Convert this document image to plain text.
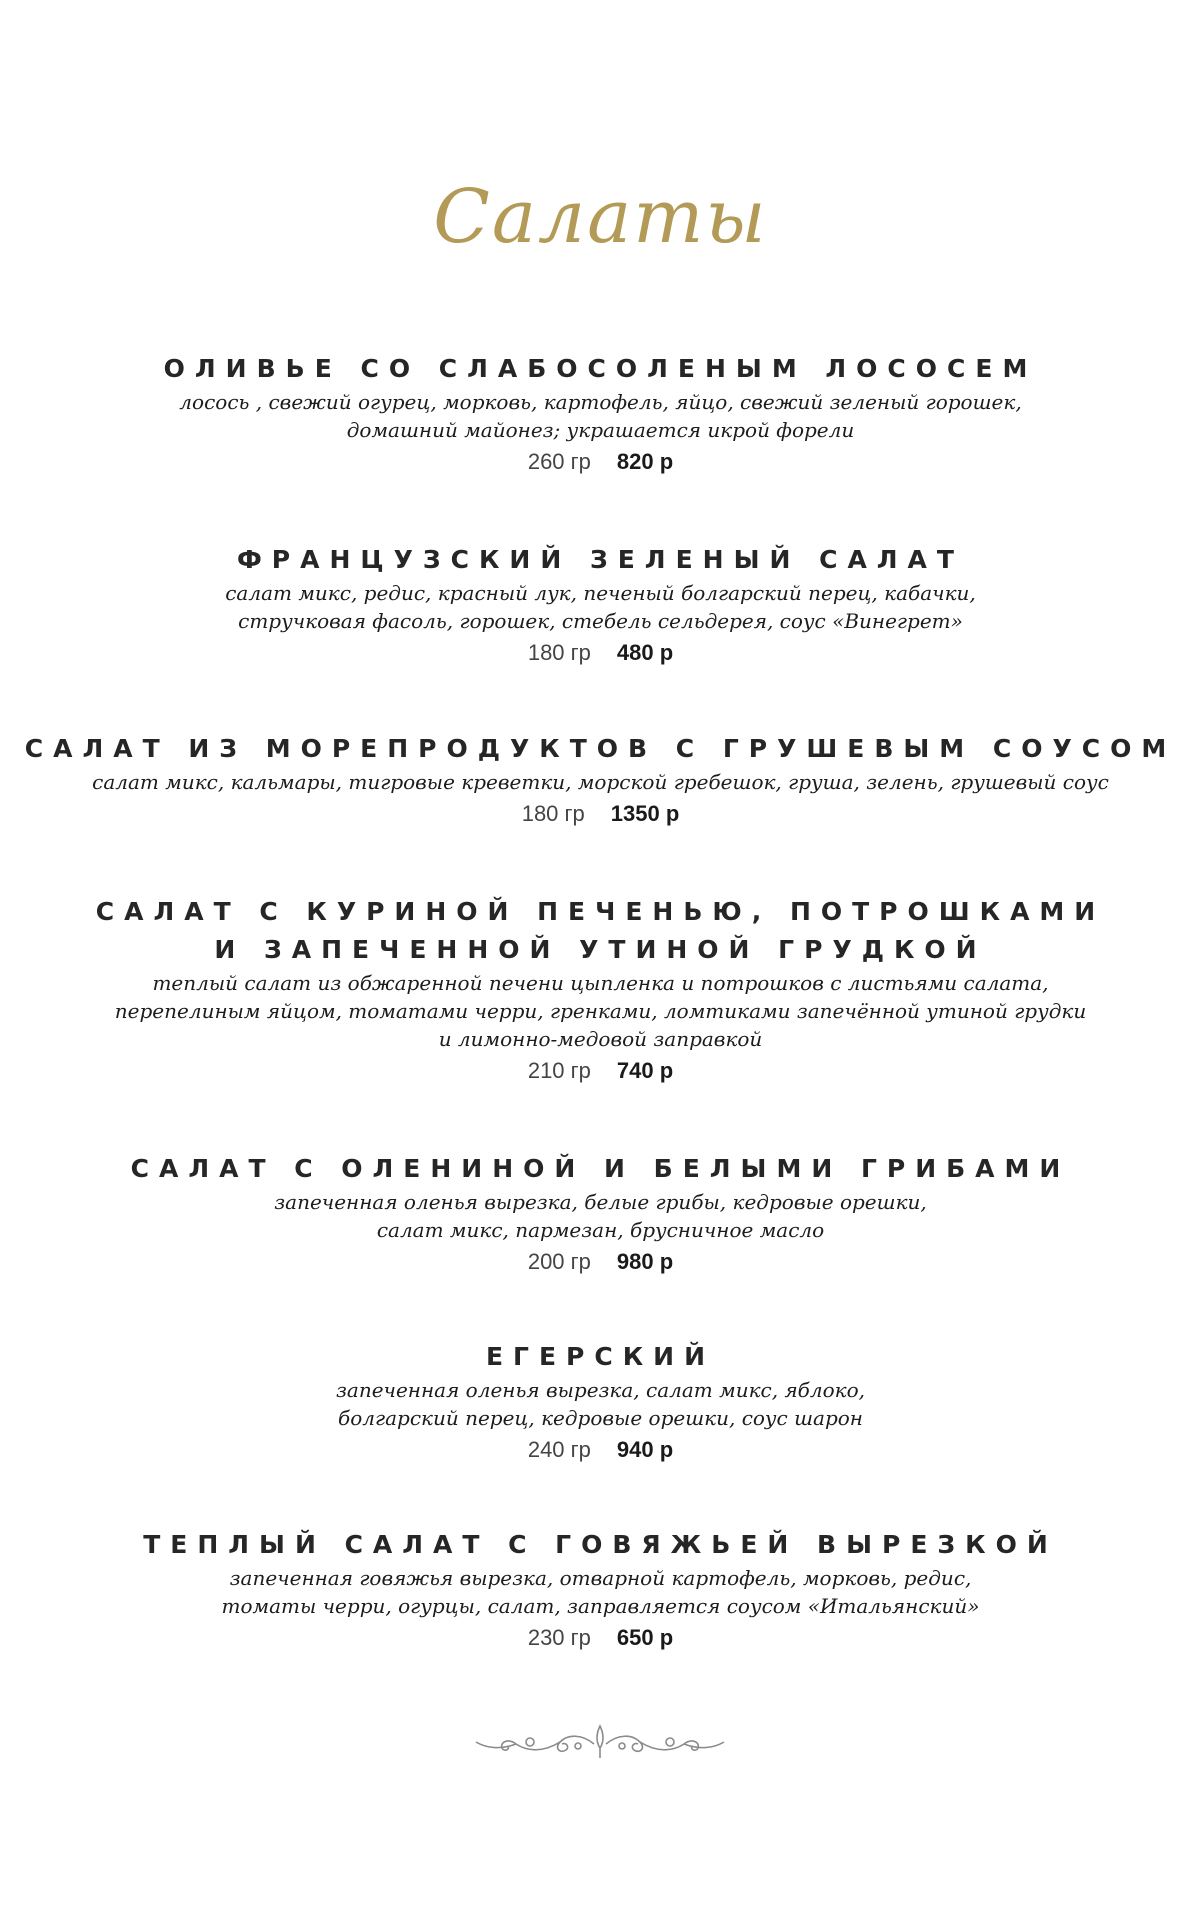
Салаты

ОЛИВЬЕ СО СЛАБОСОЛЕНЫМ ЛОСОСЕМ

лосось , свежий огурец, морковь, картофель, яйцо, свежий зеленый горошек,

домашний майонез; украшается икрой форели

260 гр 820 р

ФРАНЦУЗСКИЙ ЗЕЛЕНЫЙ САЛАТ

салат микс, редис, красный лук, печеный болгарский перец, кабачки,

стручковая фасоль, горошек, стебель сельдерея, соус «Винегрет»

180 гр 480 р

САЛАТ ИЗ МОРЕПРОДУКТОВ С ГРУШЕВЫМ СОУСОМ

салат микс, кальмары, тигровые креветки, морской гребешок, груша, зелень, грушевый соус

180 гр 1350 р

САЛАТ С КУРИНОЙ ПЕЧЕНЬЮ, ПОТРОШКАМИ

И ЗАПЕЧЕННОЙ УТИНОЙ ГРУДКОЙ

теплый салат из обжаренной печени цыпленка и потрошков с листьями салата,

перепелиным яйцом, томатами черри, гренками, ломтиками запечённой утиной грудки

и лимонно-медовой заправкой

210 гр 740 р

САЛАТ С ОЛЕНИНОЙ И БЕЛЫМИ ГРИБАМИ

запеченная оленья вырезка, белые грибы, кедровые орешки,

салат микс, пармезан, брусничное масло

200 гр 980 р

ЕГЕРСКИЙ

запеченная оленья вырезка, салат микс, яблоко,

болгарский перец, кедровые орешки, соус шарон

240 гр 940 р

ТЕПЛЫЙ САЛАТ С ГОВЯЖЬЕЙ ВЫРЕЗКОЙ

запеченная говяжья вырезка, отварной картофель, морковь, редис,

томаты черри, огурцы, салат, заправляется соусом «Итальянский»

230 гр 650 р
